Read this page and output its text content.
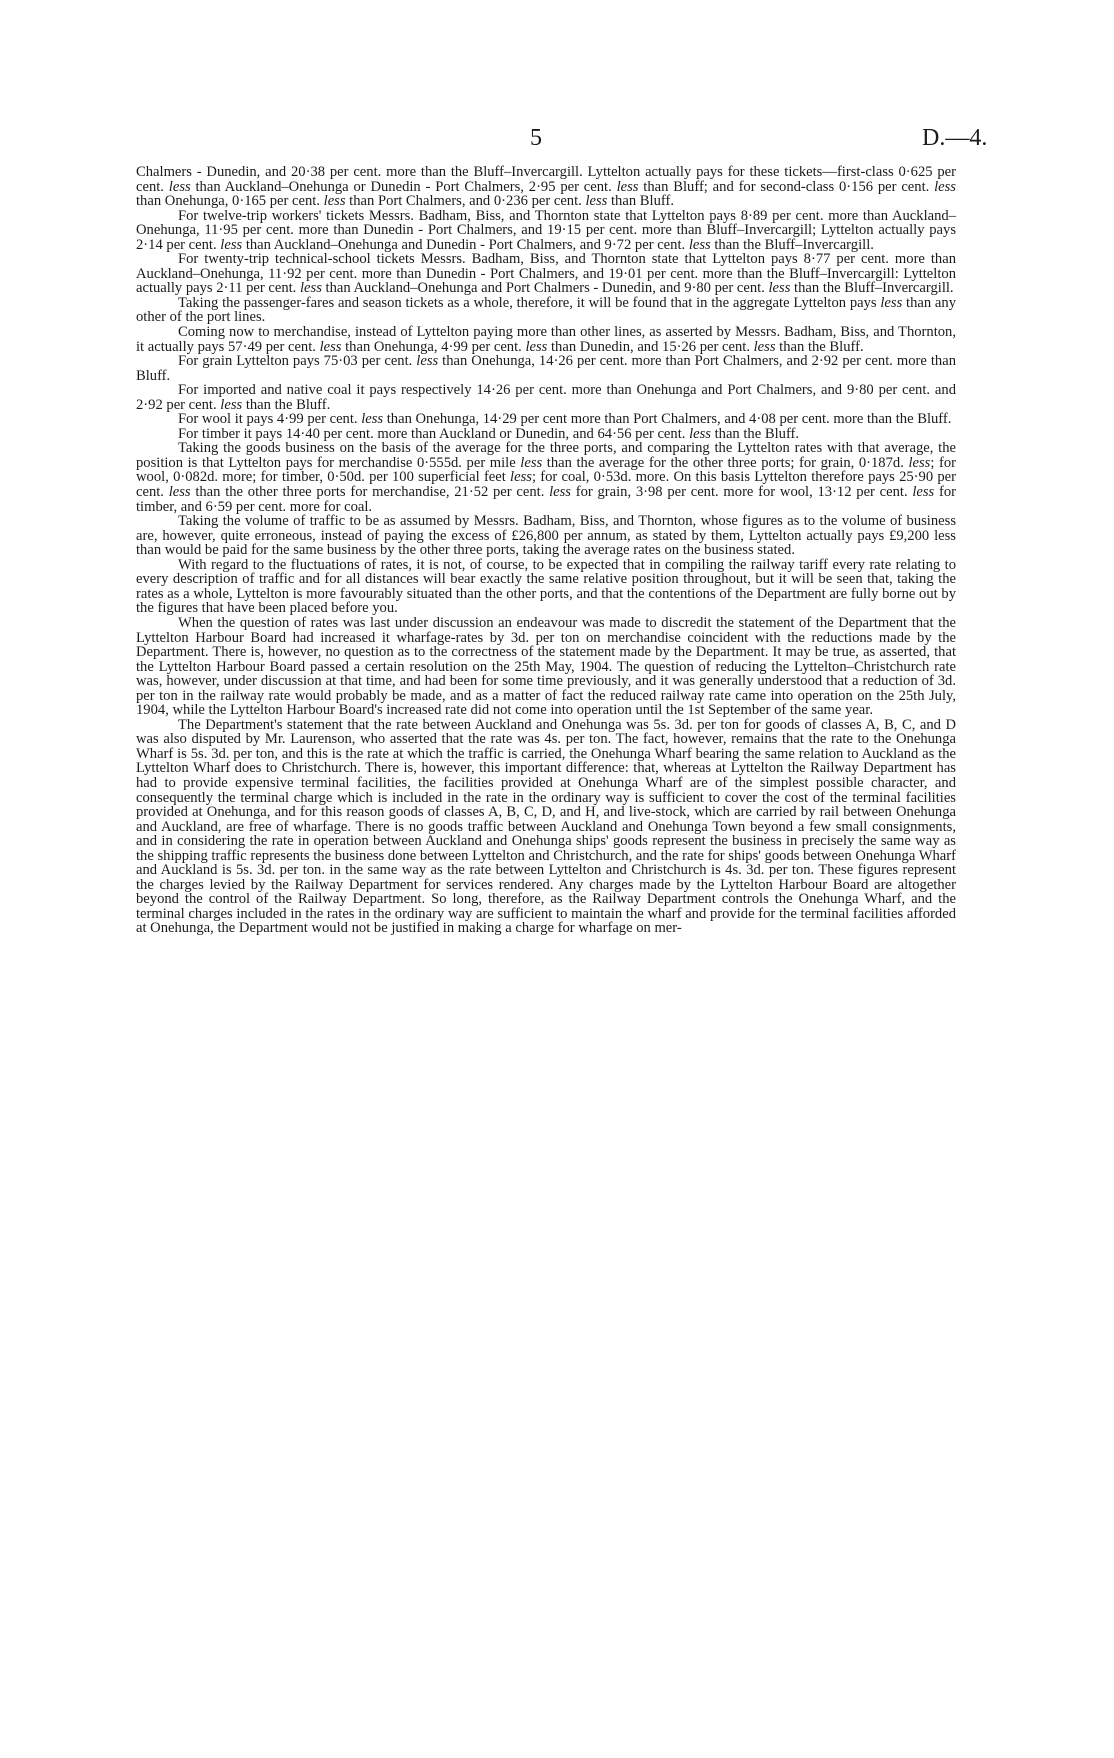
5	D.—4.

Chalmers - Dunedin, and 20·38 per cent. more than the Bluff–Invercargill. Lyttelton actually pays for these tickets—first-class 0·625 per cent. less than Auckland–Onehunga or Dunedin - Port Chalmers, 2·95 per cent. less than Bluff; and for second-class 0·156 per cent. less than Onehunga, 0·165 per cent. less than Port Chalmers, and 0·236 per cent. less than Bluff.

For twelve-trip workers' tickets Messrs. Badham, Biss, and Thornton state that Lyttelton pays 8·89 per cent. more than Auckland–Onehunga, 11·95 per cent. more than Dunedin - Port Chalmers, and 19·15 per cent. more than Bluff–Invercargill; Lyttelton actually pays 2·14 per cent. less than Auckland–Onehunga and Dunedin - Port Chalmers, and 9·72 per cent. less than the Bluff–Invercargill.

For twenty-trip technical-school tickets Messrs. Badham, Biss, and Thornton state that Lyttelton pays 8·77 per cent. more than Auckland–Onehunga, 11·92 per cent. more than Dunedin - Port Chalmers, and 19·01 per cent. more than the Bluff–Invercargill: Lyttelton actually pays 2·11 per cent. less than Auckland–Onehunga and Port Chalmers - Dunedin, and 9·80 per cent. less than the Bluff–Invercargill.

Taking the passenger-fares and season tickets as a whole, therefore, it will be found that in the aggregate Lyttelton pays less than any other of the port lines.

Coming now to merchandise, instead of Lyttelton paying more than other lines, as asserted by Messrs. Badham, Biss, and Thornton, it actually pays 57·49 per cent. less than Onehunga, 4·99 per cent. less than Dunedin, and 15·26 per cent. less than the Bluff.

For grain Lyttelton pays 75·03 per cent. less than Onehunga, 14·26 per cent. more than Port Chalmers, and 2·92 per cent. more than Bluff.

For imported and native coal it pays respectively 14·26 per cent. more than Onehunga and Port Chalmers, and 9·80 per cent. and 2·92 per cent. less than the Bluff.

For wool it pays 4·99 per cent. less than Onehunga, 14·29 per cent more than Port Chalmers, and 4·08 per cent. more than the Bluff.

For timber it pays 14·40 per cent. more than Auckland or Dunedin, and 64·56 per cent. less than the Bluff.

Taking the goods business on the basis of the average for the three ports, and comparing the Lyttelton rates with that average, the position is that Lyttelton pays for merchandise 0·555d. per mile less than the average for the other three ports; for grain, 0·187d. less; for wool, 0·082d. more; for timber, 0·50d. per 100 superficial feet less; for coal, 0·53d. more. On this basis Lyttelton therefore pays 25·90 per cent. less than the other three ports for merchandise, 21·52 per cent. less for grain, 3·98 per cent. more for wool, 13·12 per cent. less for timber, and 6·59 per cent. more for coal.

Taking the volume of traffic to be as assumed by Messrs. Badham, Biss, and Thornton, whose figures as to the volume of business are, however, quite erroneous, instead of paying the excess of £26,800 per annum, as stated by them, Lyttelton actually pays £9,200 less than would be paid for the same business by the other three ports, taking the average rates on the business stated.

With regard to the fluctuations of rates, it is not, of course, to be expected that in compiling the railway tariff every rate relating to every description of traffic and for all distances will bear exactly the same relative position throughout, but it will be seen that, taking the rates as a whole, Lyttelton is more favourably situated than the other ports, and that the contentions of the Department are fully borne out by the figures that have been placed before you.

When the question of rates was last under discussion an endeavour was made to discredit the statement of the Department that the Lyttelton Harbour Board had increased it wharfage-rates by 3d. per ton on merchandise coincident with the reductions made by the Department. There is, however, no question as to the correctness of the statement made by the Department. It may be true, as asserted, that the Lyttelton Harbour Board passed a certain resolution on the 25th May, 1904. The question of reducing the Lyttelton–Christchurch rate was, however, under discussion at that time, and had been for some time previously, and it was generally understood that a reduction of 3d. per ton in the railway rate would probably be made, and as a matter of fact the reduced railway rate came into operation on the 25th July, 1904, while the Lyttelton Harbour Board's increased rate did not come into operation until the 1st September of the same year.

The Department's statement that the rate between Auckland and Onehunga was 5s. 3d. per ton for goods of classes A, B, C, and D was also disputed by Mr. Laurenson, who asserted that the rate was 4s. per ton. The fact, however, remains that the rate to the Onehunga Wharf is 5s. 3d. per ton, and this is the rate at which the traffic is carried, the Onehunga Wharf bearing the same relation to Auckland as the Lyttelton Wharf does to Christchurch. There is, however, this important difference: that, whereas at Lyttelton the Railway Department has had to provide expensive terminal facilities, the facilities provided at Onehunga Wharf are of the simplest possible character, and consequently the terminal charge which is included in the rate in the ordinary way is sufficient to cover the cost of the terminal facilities provided at Onehunga, and for this reason goods of classes A, B, C, D, and H, and live-stock, which are carried by rail between Onehunga and Auckland, are free of wharfage. There is no goods traffic between Auckland and Onehunga Town beyond a few small consignments, and in considering the rate in operation between Auckland and Onehunga ships' goods represent the business in precisely the same way as the shipping traffic represents the business done between Lyttelton and Christchurch, and the rate for ships' goods between Onehunga Wharf and Auckland is 5s. 3d. per ton. in the same way as the rate between Lyttelton and Christchurch is 4s. 3d. per ton. These figures represent the charges levied by the Railway Department for services rendered. Any charges made by the Lyttelton Harbour Board are altogether beyond the control of the Railway Department. So long, therefore, as the Railway Department controls the Onehunga Wharf, and the terminal charges included in the rates in the ordinary way are sufficient to maintain the wharf and provide for the terminal facilities afforded at Onehunga, the Department would not be justified in making a charge for wharfage on mer-
